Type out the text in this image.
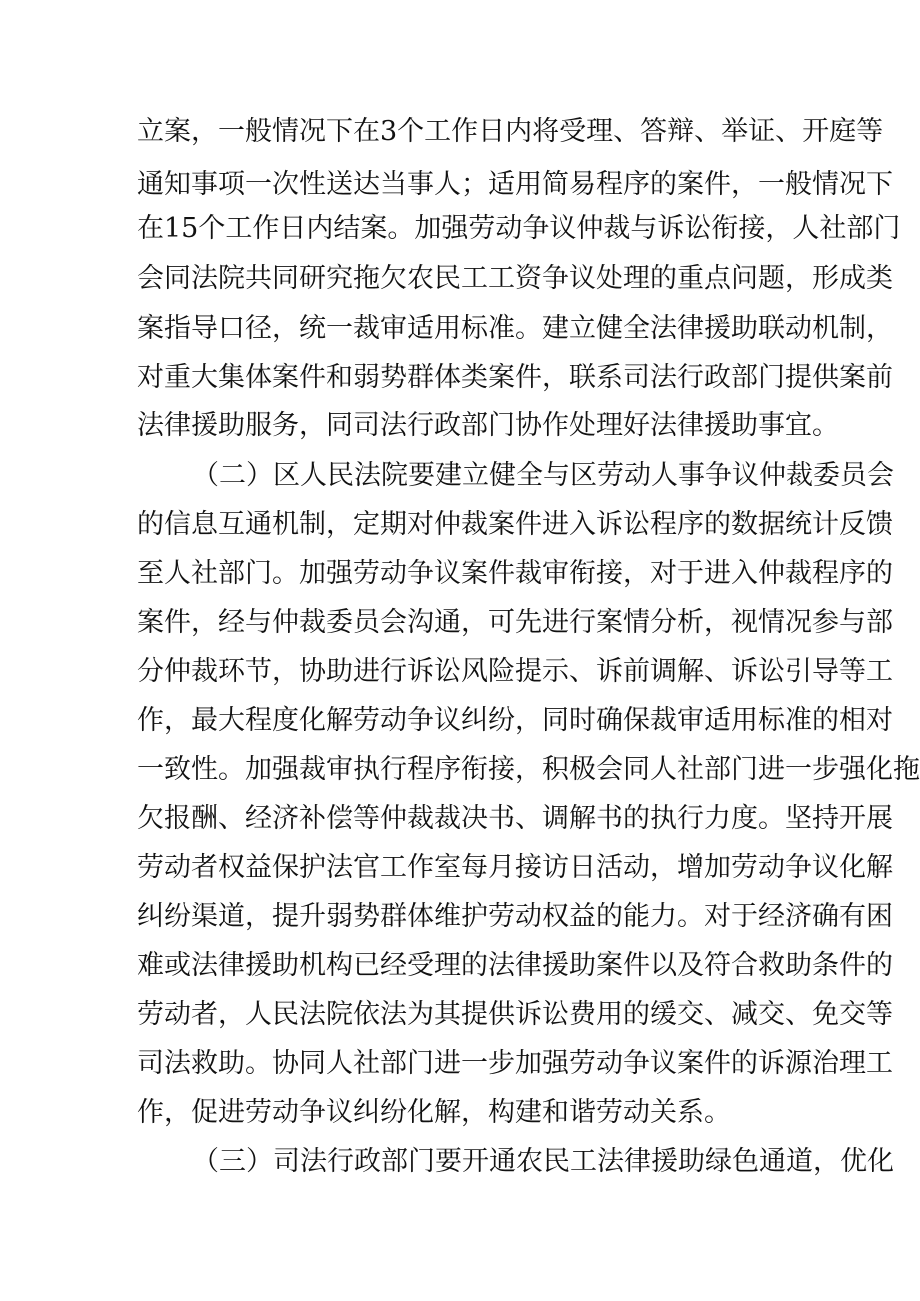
立案，一般情况下在3个工作日内将受理、答辩、举证、开庭等
通知事项一次性送达当事人；适用简易程序的案件，一般情况下
在15个工作日内结案。加强劳动争议仲裁与诉讼衔接，人社部门
会同法院共同研究拖欠农民工工资争议处理的重点问题，形成类
案指导口径，统一裁审适用标准。建立健全法律援助联动机制，
对重大集体案件和弱势群体类案件，联系司法行政部门提供案前
法律援助服务，同司法行政部门协作处理好法律援助事宜。
（二）区人民法院要建立健全与区劳动人事争议仲裁委员会
的信息互通机制，定期对仲裁案件进入诉讼程序的数据统计反馈
至人社部门。加强劳动争议案件裁审衔接，对于进入仲裁程序的
案件，经与仲裁委员会沟通，可先进行案情分析，视情况参与部
分仲裁环节，协助进行诉讼风险提示、诉前调解、诉讼引导等工
作，最大程度化解劳动争议纠纷，同时确保裁审适用标准的相对
一致性。加强裁审执行程序衔接，积极会同人社部门进一步强化拖
欠报酬、经济补偿等仲裁裁决书、调解书的执行力度。坚持开展
劳动者权益保护法官工作室每月接访日活动，增加劳动争议化解
纠纷渠道，提升弱势群体维护劳动权益的能力。对于经济确有困
难或法律援助机构已经受理的法律援助案件以及符合救助条件的
劳动者，人民法院依法为其提供诉讼费用的缓交、减交、免交等
司法救助。协同人社部门进一步加强劳动争议案件的诉源治理工
作，促进劳动争议纠纷化解，构建和谐劳动关系。
（三）司法行政部门要开通农民工法律援助绿色通道，优化
